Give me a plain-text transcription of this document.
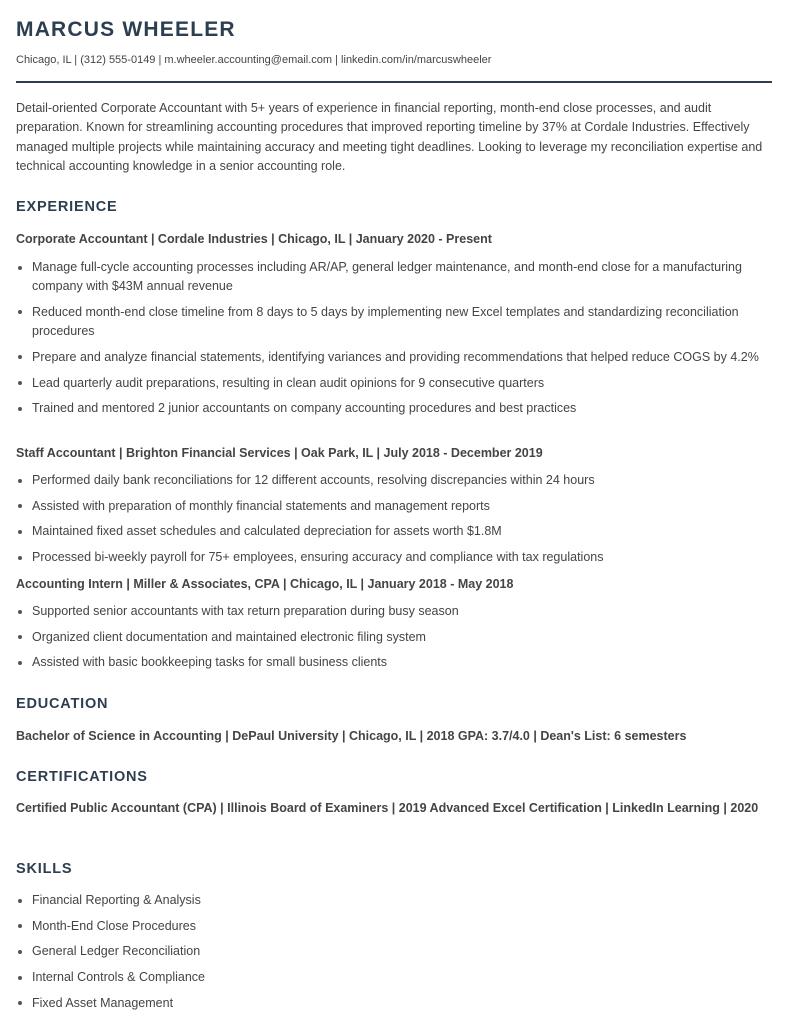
MARCUS WHEELER
Chicago, IL | (312) 555-0149 | m.wheeler.accounting@email.com | linkedin.com/in/marcuswheeler

Detail-oriented Corporate Accountant with 5+ years of experience in financial reporting, month-end close processes, and audit preparation. Known for streamlining accounting procedures that improved reporting timeline by 37% at Cordale Industries. Effectively managed multiple projects while maintaining accuracy and meeting tight deadlines. Looking to leverage my reconciliation expertise and technical accounting knowledge in a senior accounting role.

EXPERIENCE
Corporate Accountant | Cordale Industries | Chicago, IL | January 2020 - Present
Manage full-cycle accounting processes including AR/AP, general ledger maintenance, and month-end close for a manufacturing company with $43M annual revenue
Reduced month-end close timeline from 8 days to 5 days by implementing new Excel templates and standardizing reconciliation procedures
Prepare and analyze financial statements, identifying variances and providing recommendations that helped reduce COGS by 4.2%
Lead quarterly audit preparations, resulting in clean audit opinions for 9 consecutive quarters
Trained and mentored 2 junior accountants on company accounting procedures and best practices
Staff Accountant | Brighton Financial Services | Oak Park, IL | July 2018 - December 2019
Performed daily bank reconciliations for 12 different accounts, resolving discrepancies within 24 hours
Assisted with preparation of monthly financial statements and management reports
Maintained fixed asset schedules and calculated depreciation for assets worth $1.8M
Processed bi-weekly payroll for 75+ employees, ensuring accuracy and compliance with tax regulations
Accounting Intern | Miller & Associates, CPA | Chicago, IL | January 2018 - May 2018
Supported senior accountants with tax return preparation during busy season
Organized client documentation and maintained electronic filing system
Assisted with basic bookkeeping tasks for small business clients
EDUCATION
Bachelor of Science in Accounting | DePaul University | Chicago, IL | 2018 GPA: 3.7/4.0 | Dean's List: 6 semesters
CERTIFICATIONS
Certified Public Accountant (CPA) | Illinois Board of Examiners | 2019 Advanced Excel Certification | LinkedIn Learning | 2020
SKILLS
Financial Reporting & Analysis
Month-End Close Procedures
General Ledger Reconciliation
Internal Controls & Compliance
Fixed Asset Management
